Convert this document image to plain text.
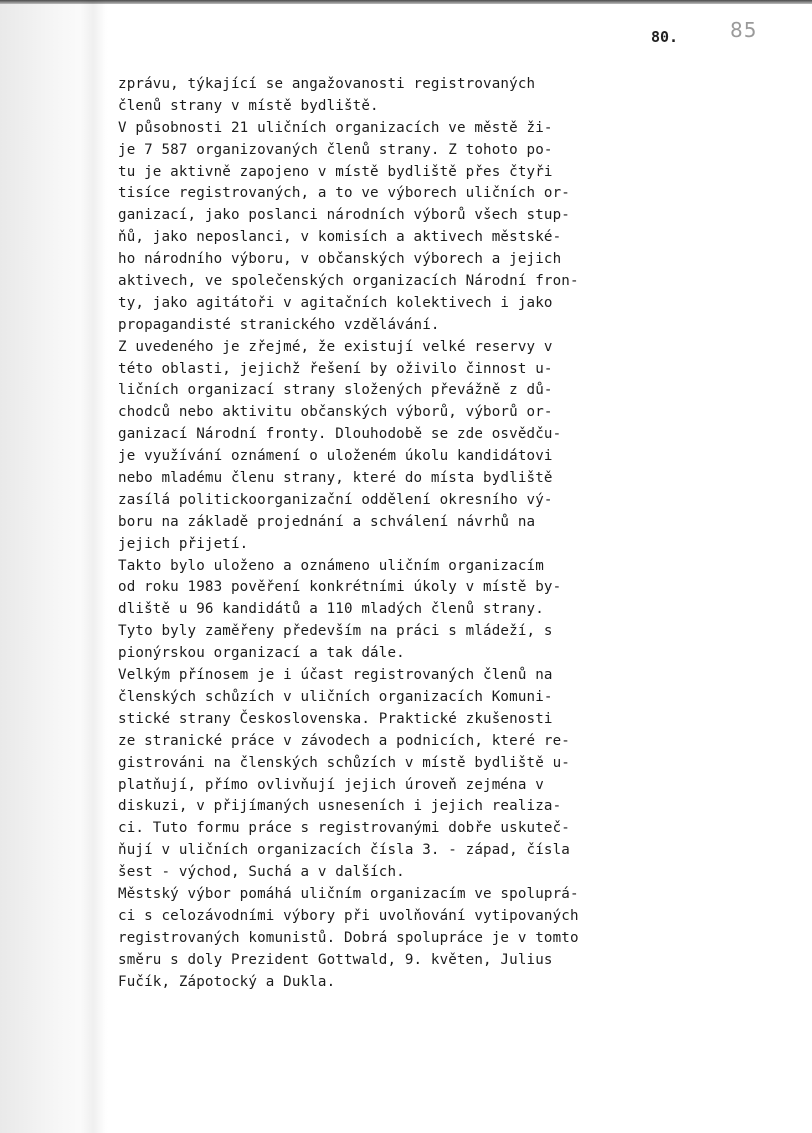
80.	85
zprávu, týkající se angažovanosti registrovaných
členů strany v místě bydliště.
V působnosti 21 uličních organizacích ve městě ži-
je 7 587 organizovaných členů strany. Z tohoto po-
tu je aktivně zapojeno v místě bydliště přes čtyři
tisíce registrovaných, a to ve výborech uličních or-
ganizací, jako poslanci národních výborů všech stup-
ňů, jako neposlanci, v komisích a aktivech městské-
ho národního výboru, v občanských výborech a jejich
aktivech, ve společenských organizacích Národní fron-
ty, jako agitátoři v agitačních kolektivech i jako
propagandisté stranického vzdělávání.
Z uvedeného je zřejmé, že existují velké reservy v
této oblasti, jejichž řešení by oživilo činnost u-
ličních organizací strany složených převážně z dů-
chodců nebo aktivitu občanských výborů, výborů or-
ganizací Národní fronty. Dlouhodobě se zde osvědču-
je využívání oznámení o uloženém úkolu kandidátovi
nebo mladému členu strany, které do místa bydliště
zasílá politickoorganizační oddělení okresního vý-
boru na základě projednání a schválení návrhů na
jejich přijetí.
Takto bylo uloženo a oznámeno uličním organizacím
od roku 1983 pověření konkrétními úkoly v místě by-
dliště u 96 kandidátů a 110 mladých členů strany.
Tyto byly zaměřeny především na práci s mládeží, s
pionýrskou organizací a tak dále.
Velkým přínosem je i účast registrovaných členů na
členských schůzích v uličních organizacích Komuni-
stické strany Československa. Praktické zkušenosti
ze stranické práce v závodech a podnicích, které re-
gistrováni na členských schůzích v místě bydliště u-
platňují, přímo ovlivňují jejich úroveň zejména v
diskuzi, v přijímaných usneseních i jejich realiza-
ci. Tuto formu práce s registrovanými dobře uskuteč-
ňují v uličních organizacích čísla 3. - západ, čísla
šest - východ, Suchá a v dalších.
Městský výbor pomáhá uličním organizacím ve spoluprá-
ci s celozávodními výbory při uvolňování vytipovaných
registrovaných komunistů. Dobrá spolupráce je v tomto
směru s doly Prezident Gottwald, 9. květen, Julius
Fučík, Zápotocký a Dukla.
